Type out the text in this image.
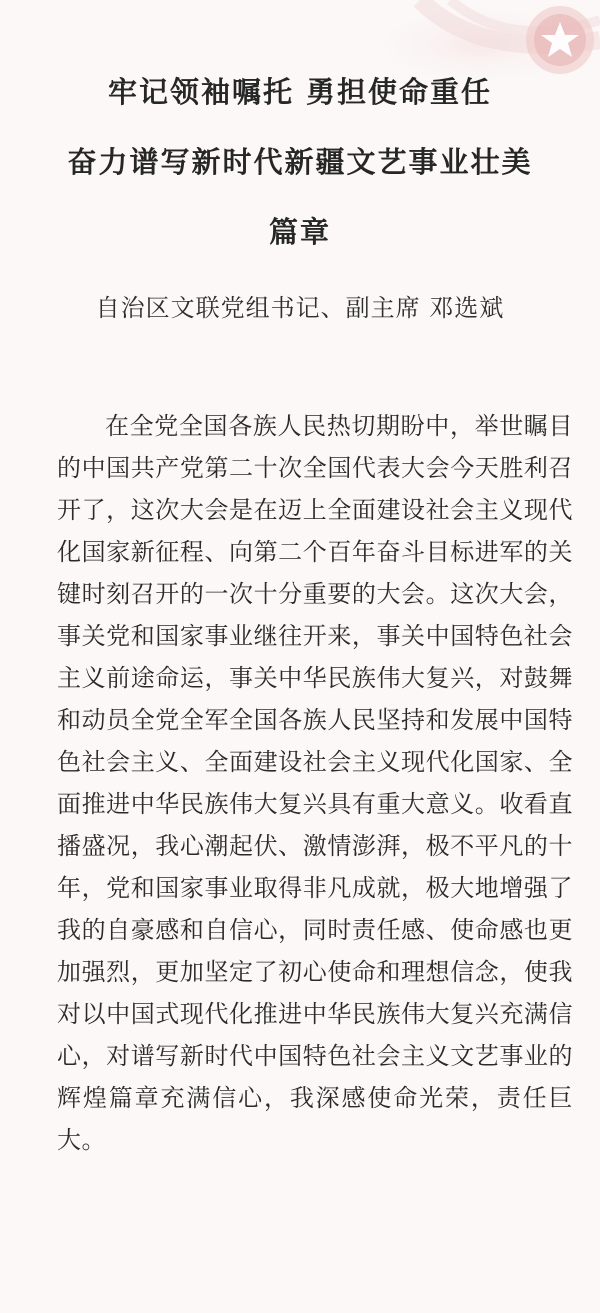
牢记领袖嘱托 勇担使命重任
奋力谱写新时代新疆文艺事业壮美
篇章
自治区文联党组书记、副主席 邓选斌

在全党全国各族人民热切期盼中，举世瞩目的中国共产党第二十次全国代表大会今天胜利召开了，这次大会是在迈上全面建设社会主义现代化国家新征程、向第二个百年奋斗目标进军的关键时刻召开的一次十分重要的大会。这次大会，事关党和国家事业继往开来，事关中国特色社会主义前途命运，事关中华民族伟大复兴，对鼓舞和动员全党全军全国各族人民坚持和发展中国特色社会主义、全面建设社会主义现代化国家、全面推进中华民族伟大复兴具有重大意义。收看直播盛况，我心潮起伏、激情澎湃，极不平凡的十年，党和国家事业取得非凡成就，极大地增强了我的自豪感和自信心，同时责任感、使命感也更加强烈，更加坚定了初心使命和理想信念，使我对以中国式现代化推进中华民族伟大复兴充满信心，对谱写新时代中国特色社会主义文艺事业的辉煌篇章充满信心，我深感使命光荣，责任巨大。
